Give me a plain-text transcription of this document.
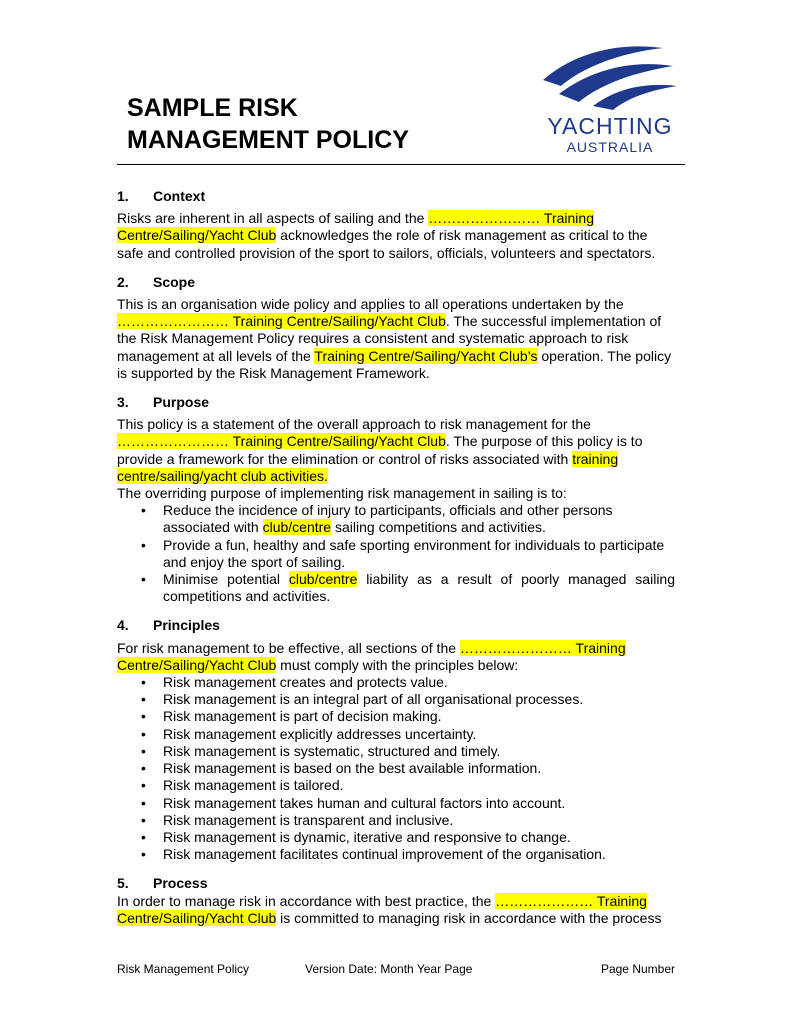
SAMPLE RISK
MANAGEMENT POLICY	YACHTING
AUSTRALIA
1.	Context

Risks are inherent in all aspects of sailing and the …………………… Training Centre/Sailing/Yacht Club acknowledges the role of risk management as critical to the safe and controlled provision of the sport to sailors, officials, volunteers and spectators.

2.	Scope

This is an organisation wide policy and applies to all operations undertaken by the …………………… Training Centre/Sailing/Yacht Club. The successful implementation of the Risk Management Policy requires a consistent and systematic approach to risk management at all levels of the Training Centre/Sailing/Yacht Club’s operation. The policy is supported by the Risk Management Framework.

3.	Purpose

This policy is a statement of the overall approach to risk management for the …………………… Training Centre/Sailing/Yacht Club. The purpose of this policy is to provide a framework for the elimination or control of risks associated with training centre/sailing/yacht club activities.

The overriding purpose of implementing risk management in sailing is to:

• Reduce the incidence of injury to participants, officials and other persons associated with club/centre sailing competitions and activities.
• Provide a fun, healthy and safe sporting environment for individuals to participate and enjoy the sport of sailing.
• Minimise potential club/centre liability as a result of poorly managed sailing competitions and activities.
4.	Principles

For risk management to be effective, all sections of the …………………… Training Centre/Sailing/Yacht Club must comply with the principles below:

• Risk management creates and protects value.
• Risk management is an integral part of all organisational processes.
• Risk management is part of decision making.
• Risk management explicitly addresses uncertainty.
• Risk management is systematic, structured and timely.
• Risk management is based on the best available information.
• Risk management is tailored.
• Risk management takes human and cultural factors into account.
• Risk management is transparent and inclusive.
• Risk management is dynamic, iterative and responsive to change.
• Risk management facilitates continual improvement of the organisation.
5.	Process

In order to manage risk in accordance with best practice, the ………………… Training Centre/Sailing/Yacht Club is committed to managing risk in accordance with the process

Risk Management Policy	Version Date: Month Year Page	Page Number
